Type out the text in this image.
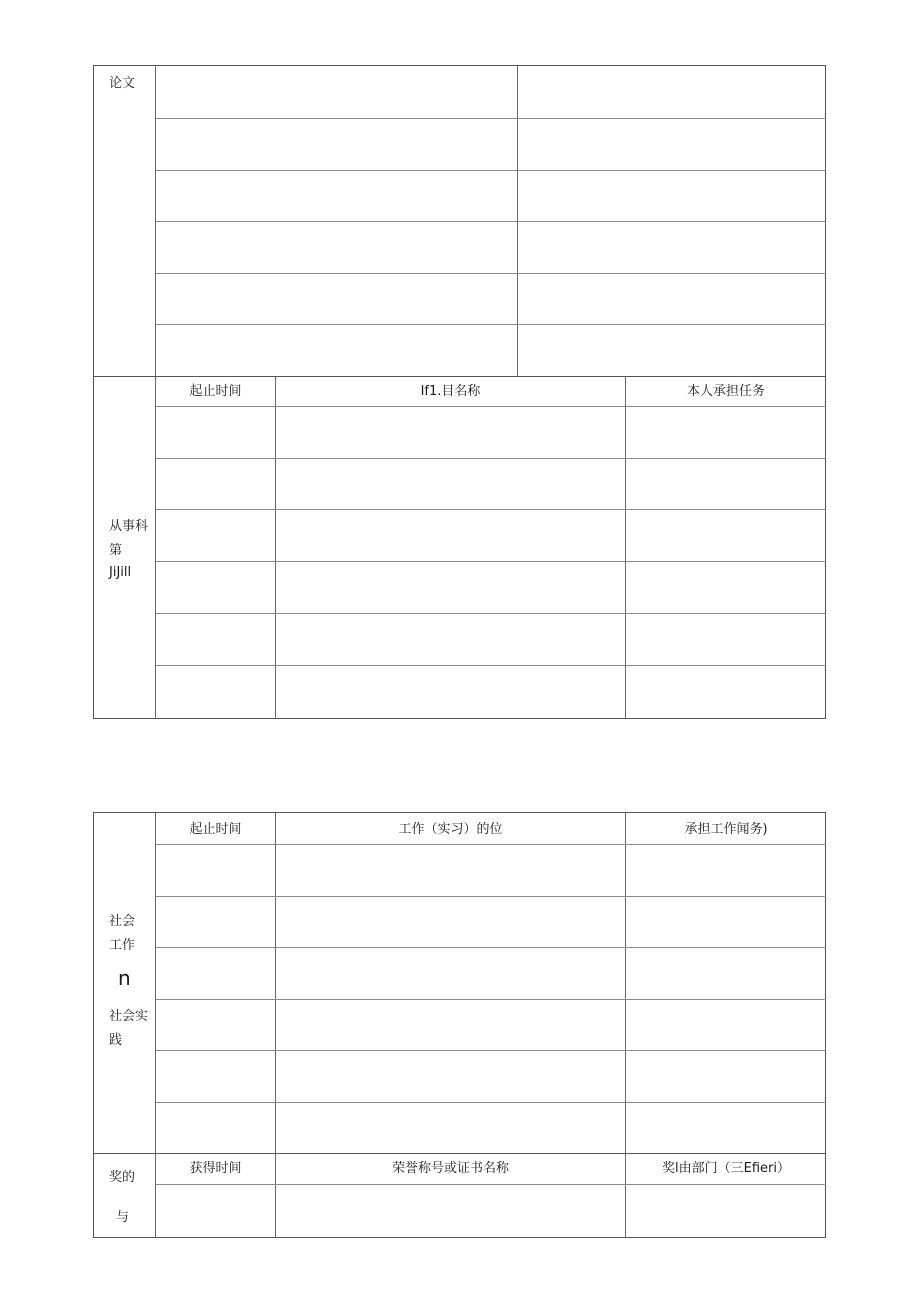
论文
从事科
第
JiJill
起止时间	If1.目名称	本人承担任务
社会
工作
n
社会实
践
起止时间	工作（实习）的位	承担工作闻务)
奖的
与
获得时间	荣誉称号或证书名称	奖l由部门（三Efieri）
